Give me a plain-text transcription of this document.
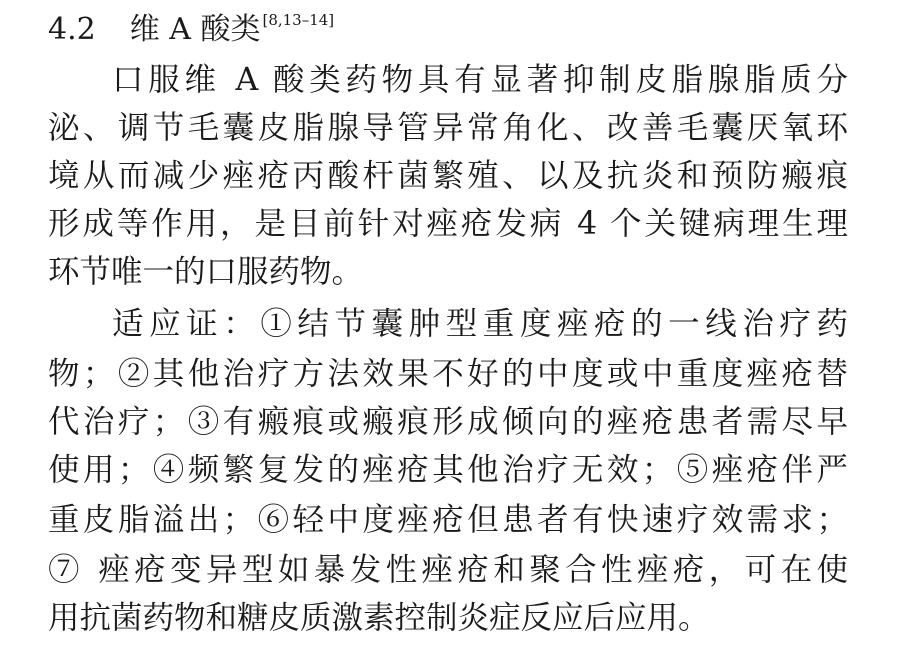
4.2 维 A 酸类 [8,13–14]
口服维 A 酸类药物具有显著抑制皮脂腺脂质分
泌、调节毛囊皮脂腺导管异常角化、改善毛囊厌氧环
境从而减少痤疮丙酸杆菌繁殖、以及抗炎和预防瘢痕
形成等作用，是目前针对痤疮发病 4 个关键病理生理
环节唯一的口服药物。
适应证：①结节囊肿型重度痤疮的一线治疗药
物；②其他治疗方法效果不好的中度或中重度痤疮替
代治疗；③有瘢痕或瘢痕形成倾向的痤疮患者需尽早
使用；④频繁复发的痤疮其他治疗无效；⑤痤疮伴严
重皮脂溢出；⑥轻中度痤疮但患者有快速疗效需求；
⑦ 痤疮变异型如暴发性痤疮和聚合性痤疮，可在使
用抗菌药物和糖皮质激素控制炎症反应后应用。
